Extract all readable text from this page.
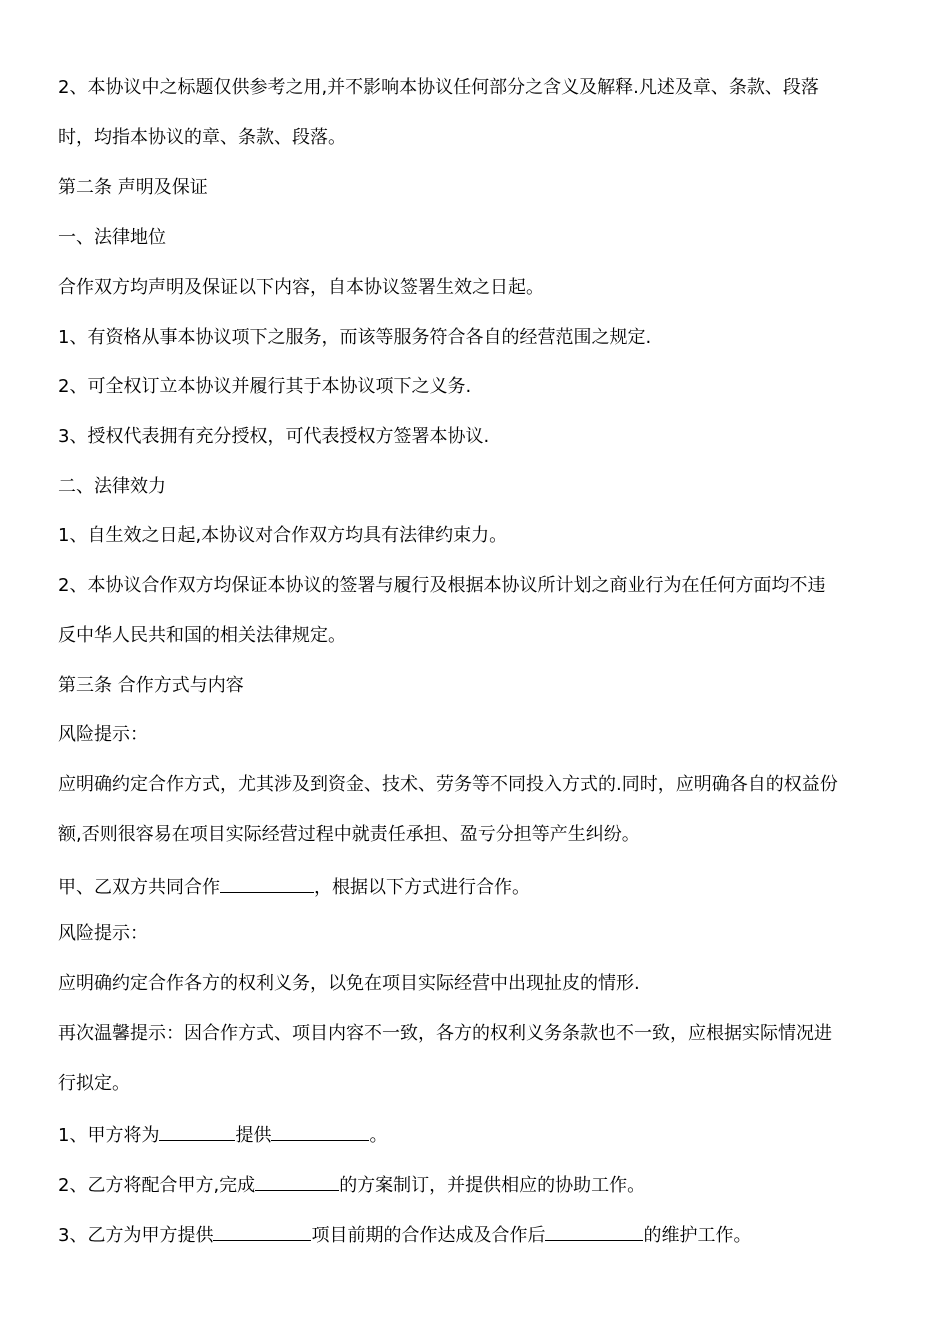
2、本协议中之标题仅供参考之用,并不影响本协议任何部分之含义及解释.凡述及章、条款、段落
时，均指本协议的章、条款、段落。
第二条 声明及保证
一、法律地位
合作双方均声明及保证以下内容，自本协议签署生效之日起。
1、有资格从事本协议项下之服务，而该等服务符合各自的经营范围之规定.
2、可全权订立本协议并履行其于本协议项下之义务.
3、授权代表拥有充分授权，可代表授权方签署本协议.
二、法律效力
1、自生效之日起,本协议对合作双方均具有法律约束力。
2、本协议合作双方均保证本协议的签署与履行及根据本协议所计划之商业行为在任何方面均不违
反中华人民共和国的相关法律规定。
第三条 合作方式与内容
风险提示：
应明确约定合作方式，尤其涉及到资金、技术、劳务等不同投入方式的.同时，应明确各自的权益份
额,否则很容易在项目实际经营过程中就责任承担、盈亏分担等产生纠纷。
甲、乙双方共同合作	，根据以下方式进行合作。
风险提示：
应明确约定合作各方的权利义务，以免在项目实际经营中出现扯皮的情形.
再次温馨提示：因合作方式、项目内容不一致，各方的权利义务条款也不一致，应根据实际情况进
行拟定。
1、甲方将为	提供	。
2、乙方将配合甲方,完成	的方案制订，并提供相应的协助工作。
3、乙方为甲方提供	项目前期的合作达成及合作后	的维护工作。
